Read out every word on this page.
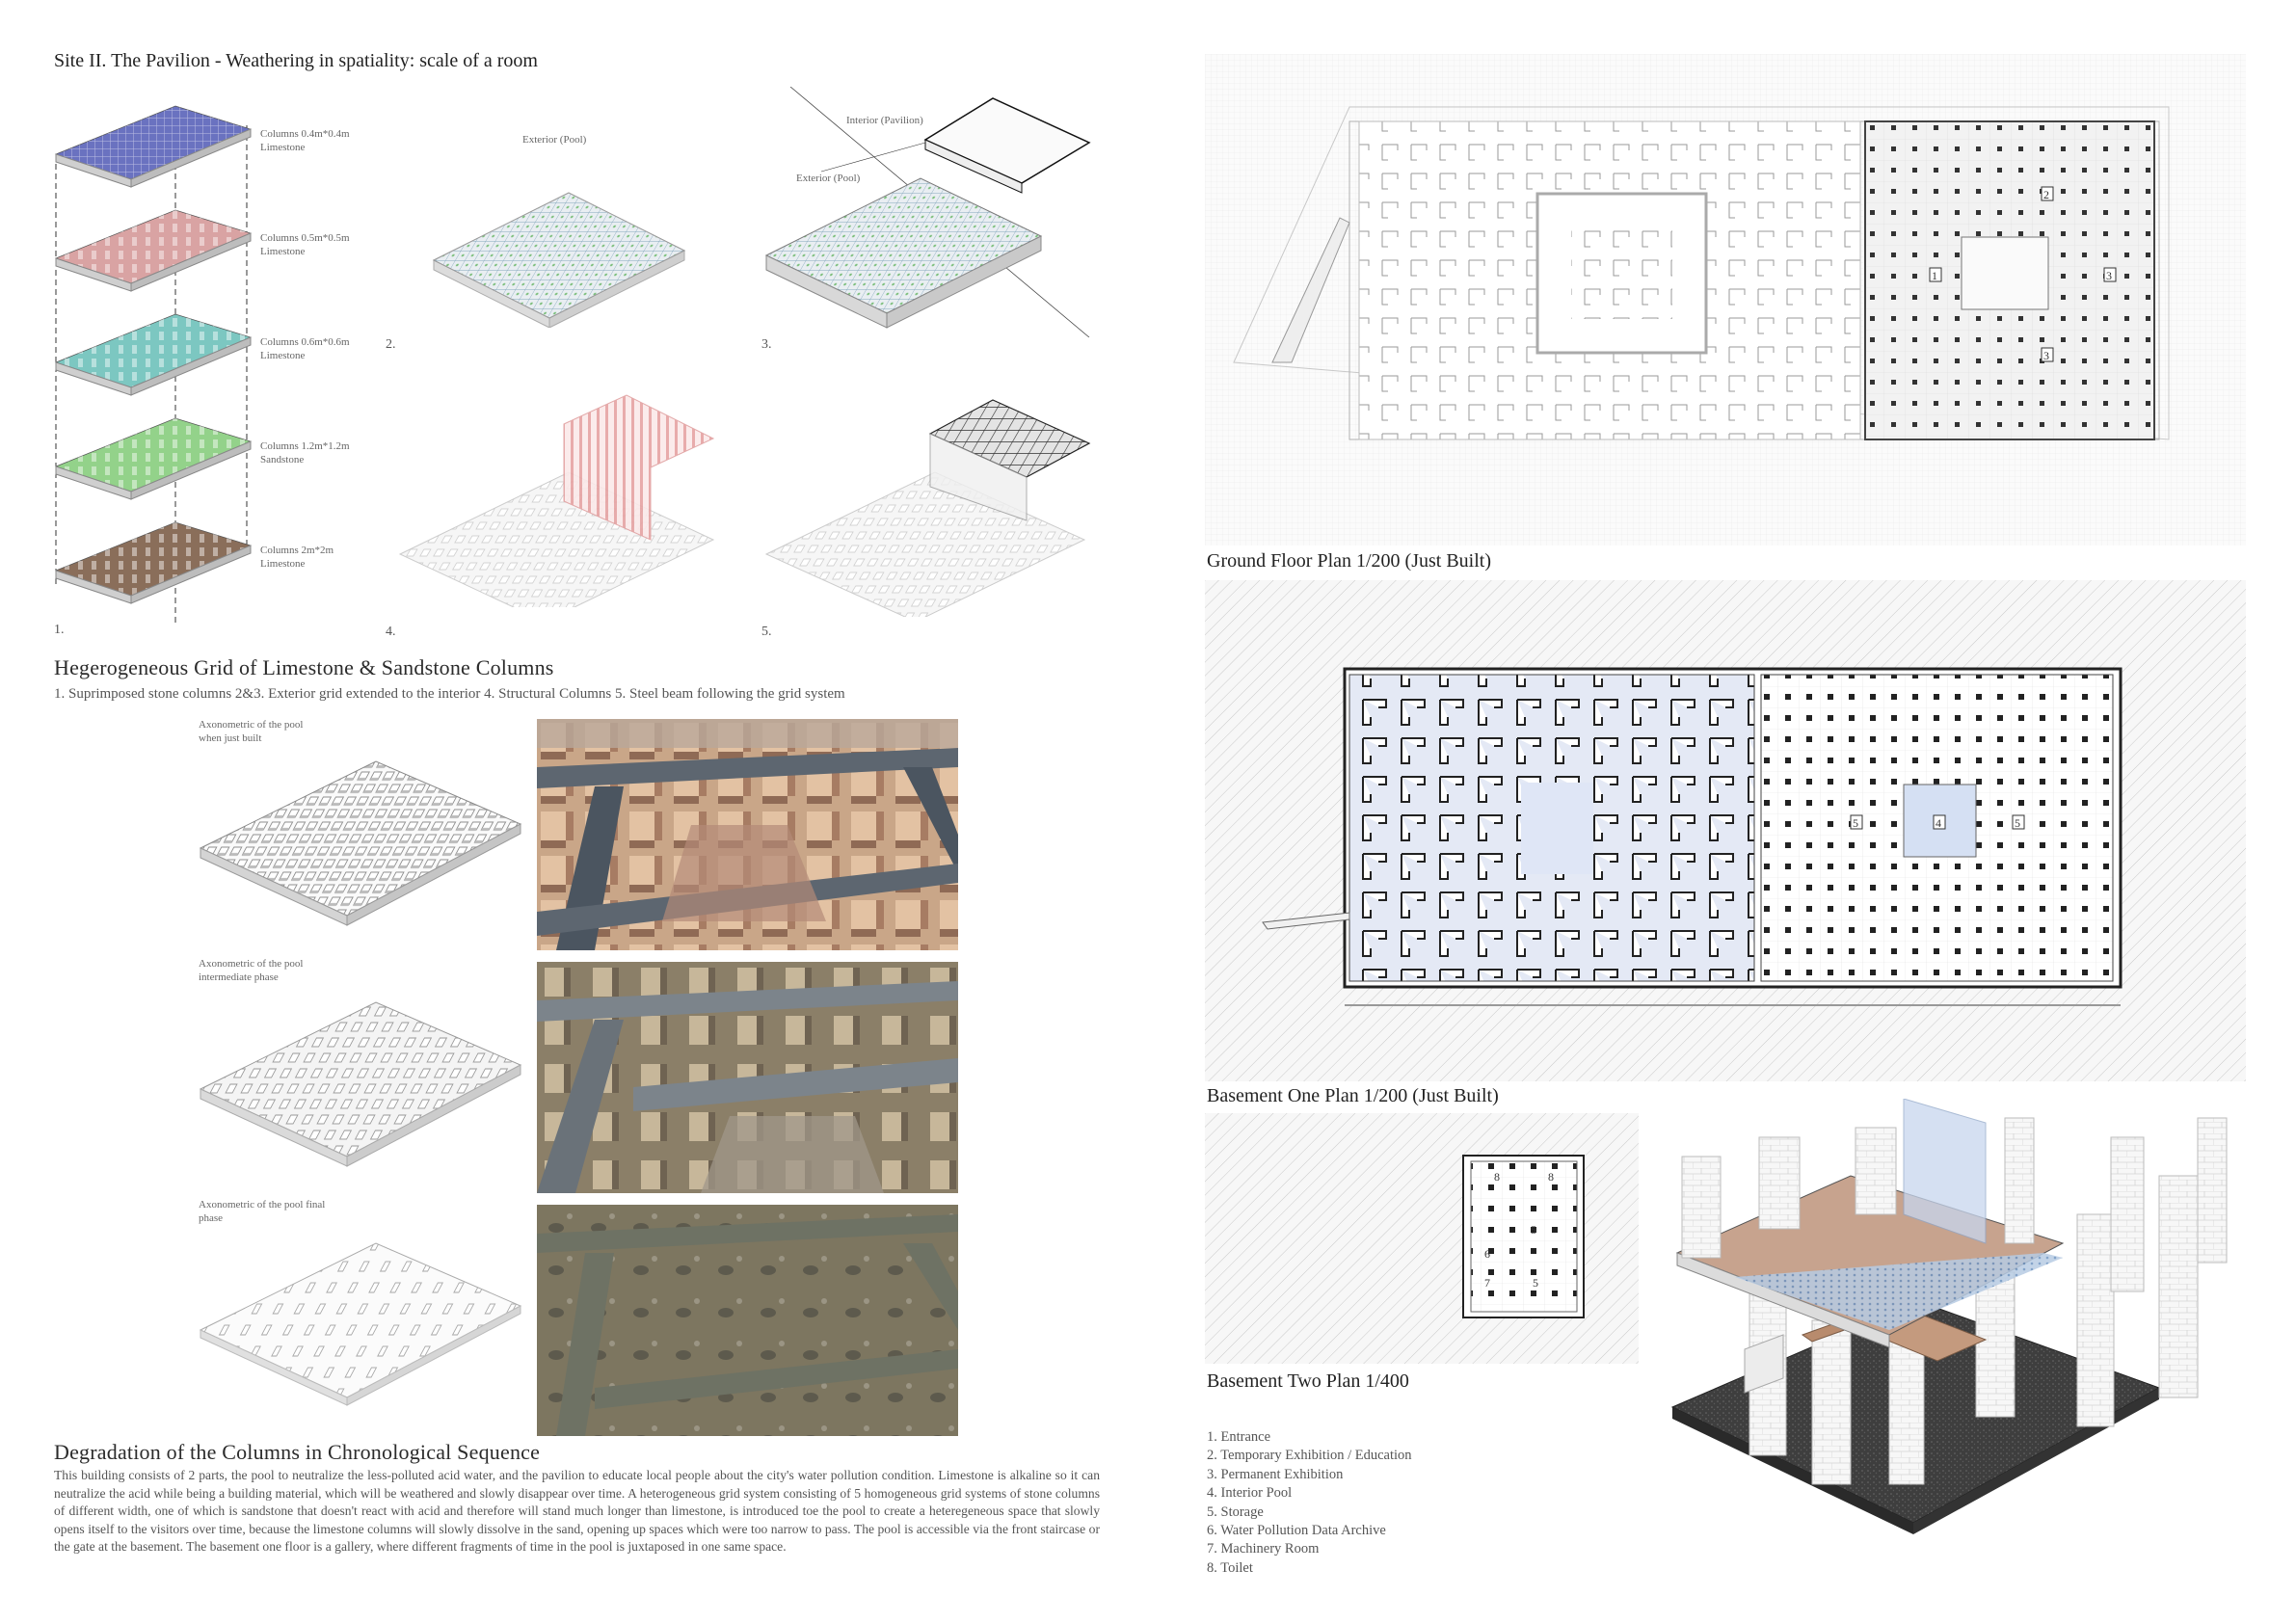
Site II. The Pavilion - Weathering in spatiality: scale of a room
Columns 0.4m*0.4m
Limestone
Columns 0.5m*0.5m
Limestone
Columns 0.6m*0.6m
Limestone
Columns 1.2m*1.2m
Sandstone
Columns 2m*2m
Limestone
1.
Exterior (Pool)
2.
Interior (Pavilion)
Exterior (Pool)
3.
4.	5.
Hegerogeneous Grid of Limestone & Sandstone Columns
1. Suprimposed stone columns 2&3. Exterior grid extended to the interior 4. Structural Columns 5. Steel beam following the grid system
Axonometric of the pool
when just built
Axonometric of the pool
intermediate phase
Axonometric of the pool final
phase
Degradation of the Columns in Chronological Sequence
This building consists of 2 parts, the pool to neutralize the less-polluted acid water, and the pavilion to educate local people about the city's water pollution condition. Limestone is alkaline so it can neutralize the acid while being a building material, which will be weathered and slowly disappear over time. A heterogeneous grid system consisting of 5 homogeneous grid systems of stone columns of different width, one of which is sandstone that doesn't react with acid and therefore will stand much longer than limestone, is introduced toe the pool to create a heteregeneous space that slowly opens itself to the visitors over time, because the limestone columns will slowly dissolve in the sand, opening up spaces which were too narrow to pass. The pool is accessible via the front staircase or the gate at the basement. The basement one floor is a gallery, where different fragments of time in the pool is juxtaposed in one same space.
2
1	3
3
Ground Floor Plan 1/200 (Just Built)
5	4	5
Basement One Plan 1/200 (Just Built)
8	8
5
6
7	5
Basement Two Plan 1/400
1. Entrance
2. Temporary Exhibition / Education
3. Permanent Exhibition
4. Interior Pool
5. Storage
6. Water Pollution Data Archive
7. Machinery Room
8. Toilet
